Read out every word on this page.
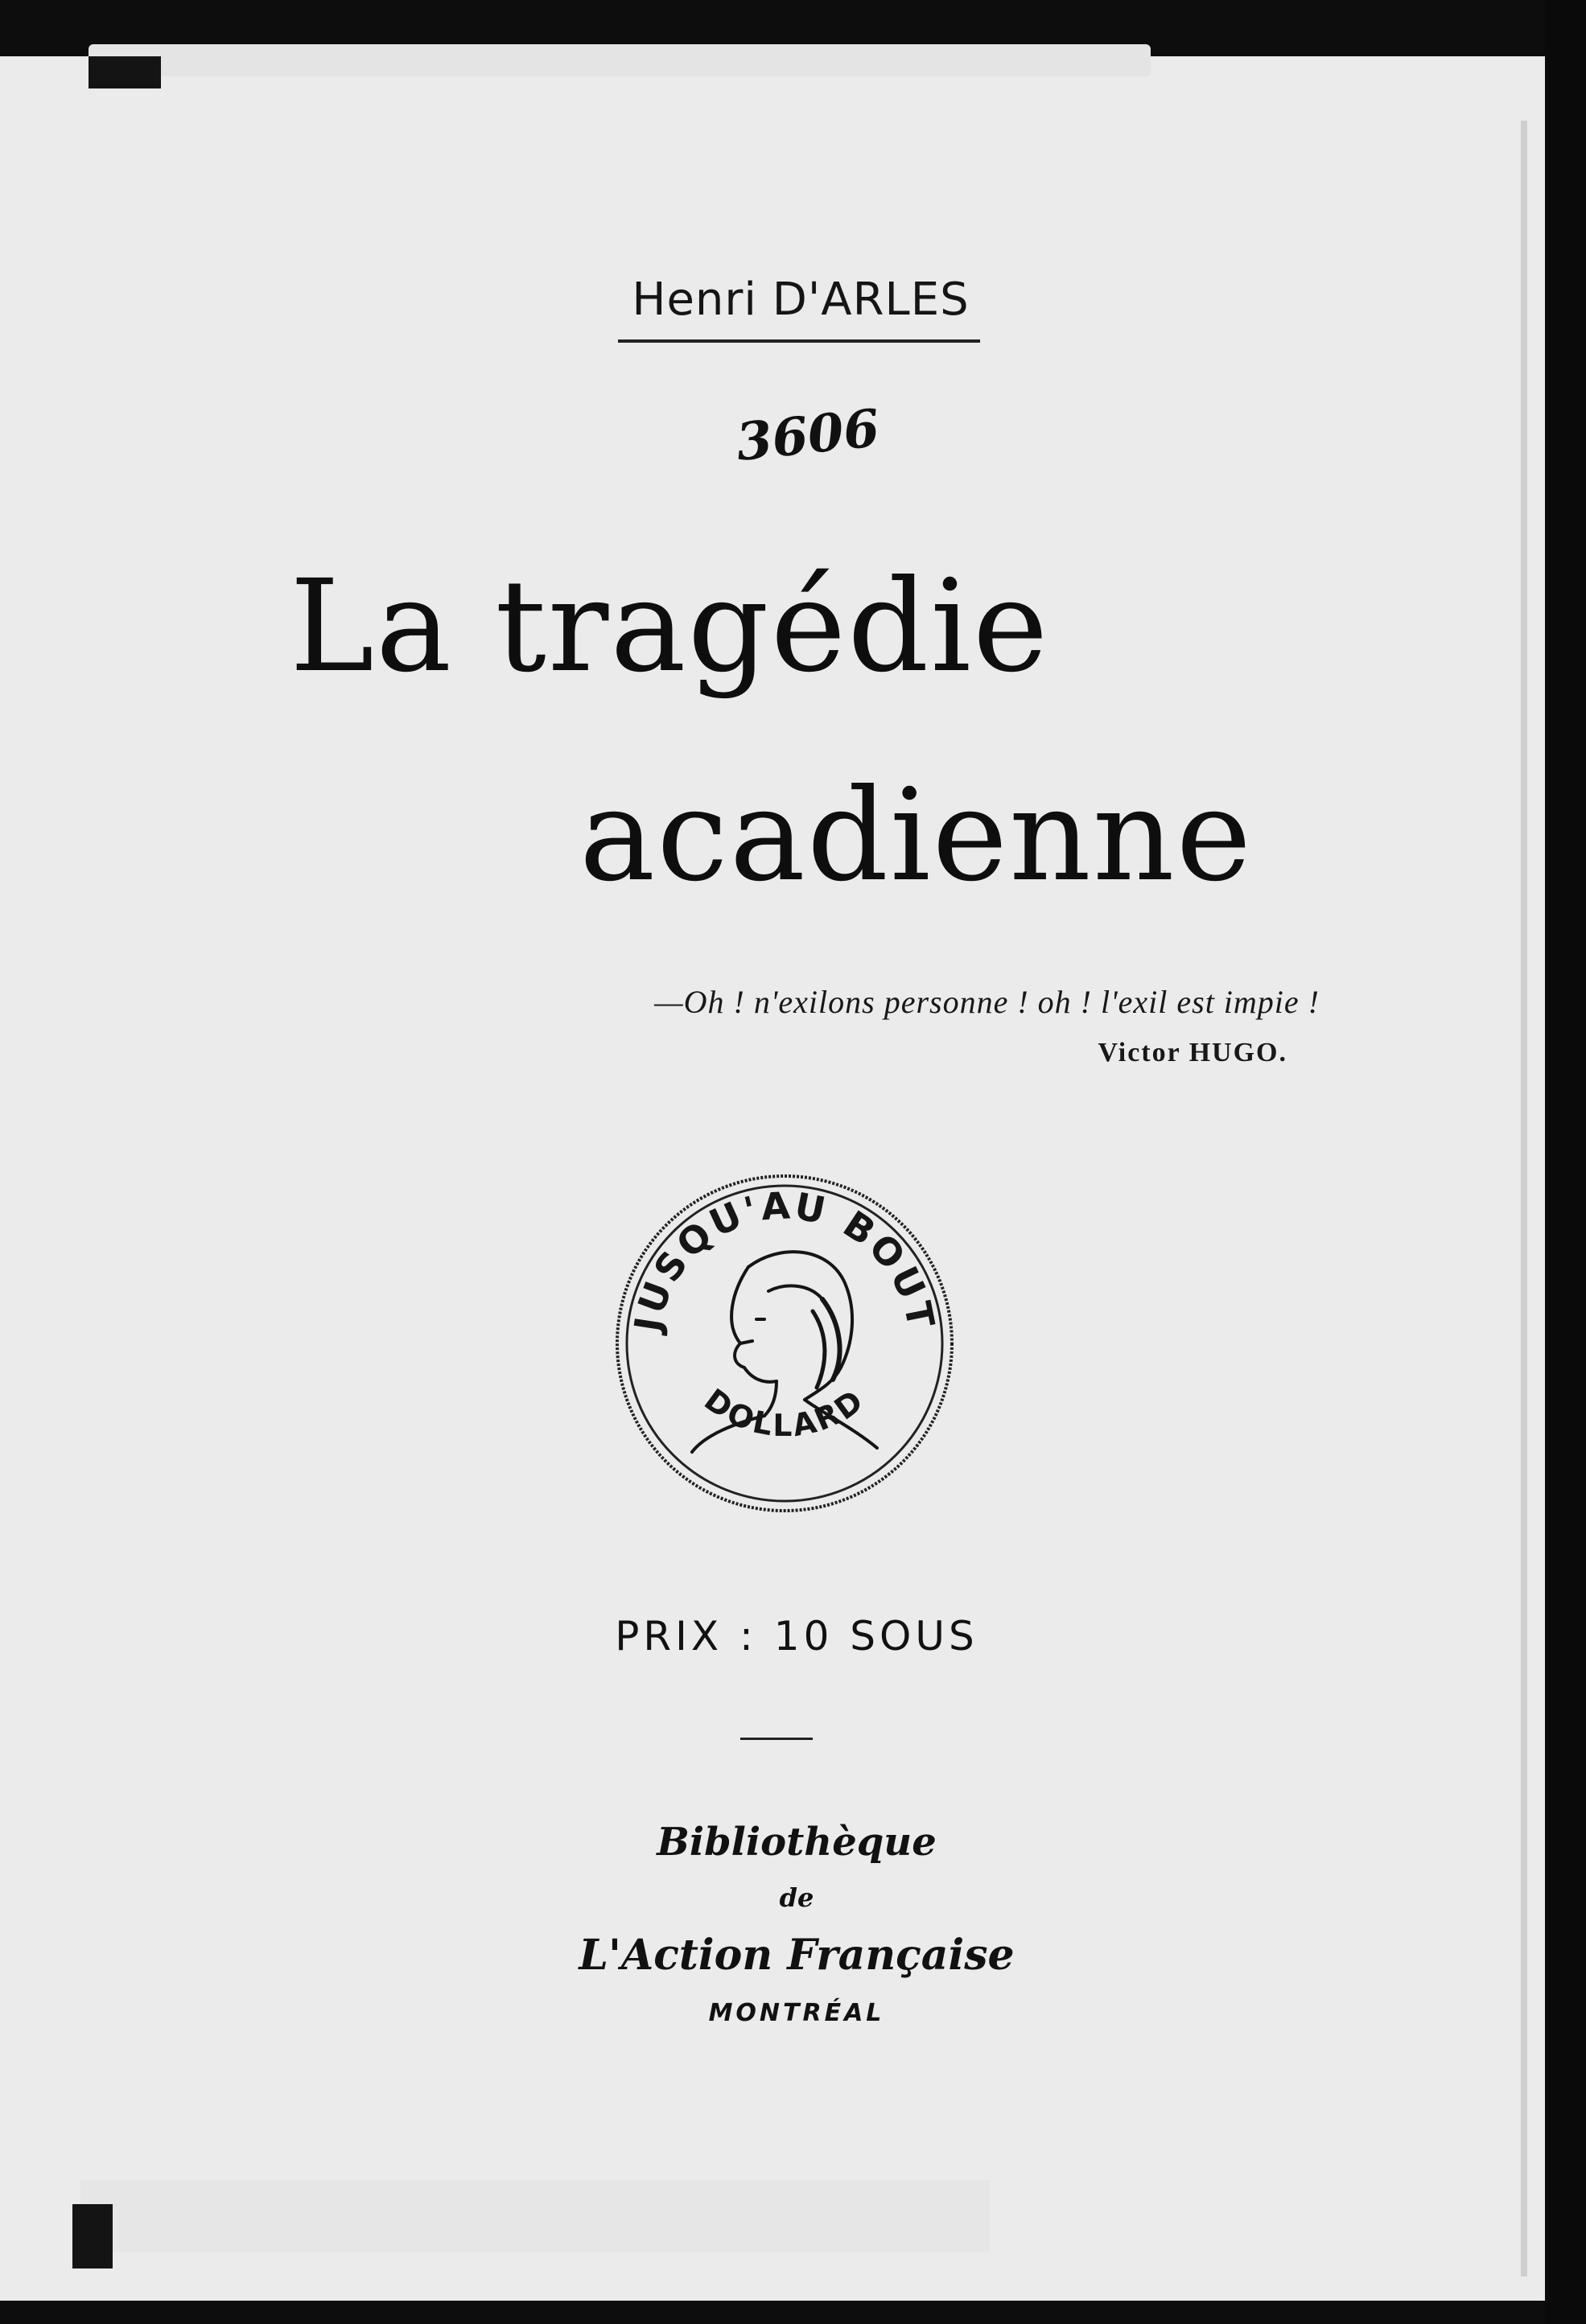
Henri D'ARLES
3606
La tragédie
acadienne
—Oh ! n'exilons personne ! oh ! l'exil est impie !
Victor HUGO.
JUSQU'AU BOUT
DOLLARD
PRIX : 10 SOUS
Bibliothèque
de
L'Action Française
MONTRÉAL
